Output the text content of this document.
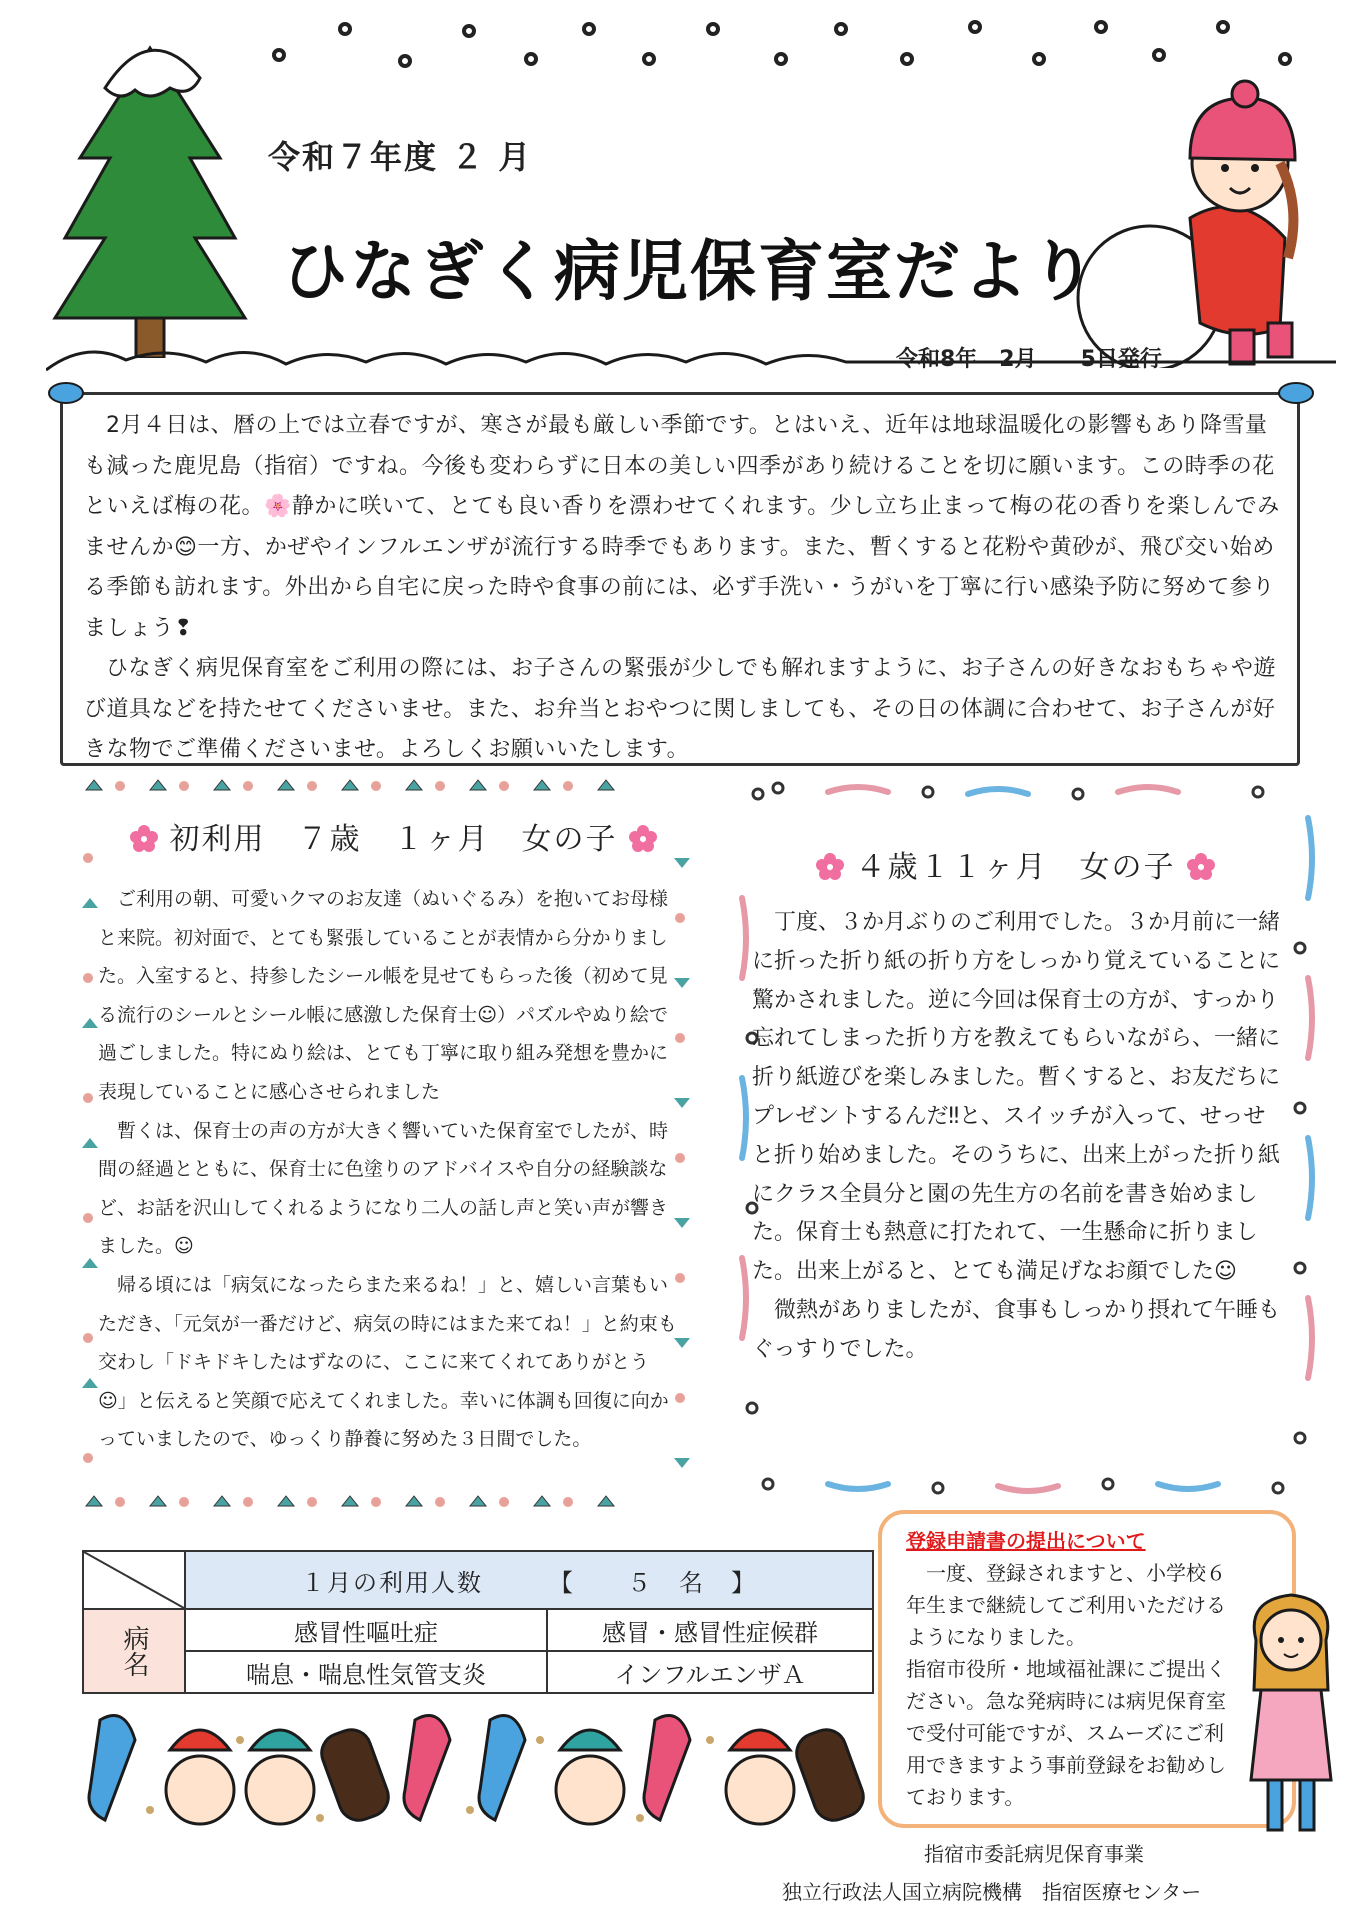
令和７年度 ２ 月
ひなぎく病児保育室だより
令和8年　2月　　5日発行

2月４日は、暦の上では立春ですが、寒さが最も厳しい季節です。とはいえ、近年は地球温暖化の影響もあり降雪量も減った鹿児島（指宿）ですね。今後も変わらずに日本の美しい四季があり続けることを切に願います。この時季の花といえば梅の花。🌸静かに咲いて、とても良い香りを漂わせてくれます。少し立ち止まって梅の花の香りを楽しんでみませんか😊一方、かぜやインフルエンザが流行する時季でもあります。また、暫くすると花粉や黄砂が、飛び交い始める季節も訪れます。外出から自宅に戻った時や食事の前には、必ず手洗い・うがいを丁寧に行い感染予防に努めて参りましょう❢

ひなぎく病児保育室をご利用の際には、お子さんの緊張が少しでも解れますように、お子さんの好きなおもちゃや遊び道具などを持たせてくださいませ。また、お弁当とおやつに関しましても、その日の体調に合わせて、お子さんが好きな物でご準備くださいませ。よろしくお願いいたします。

初利用　７歳　１ヶ月　女の子

ご利用の朝、可愛いクマのお友達（ぬいぐるみ）を抱いてお母様と来院。初対面で、とても緊張していることが表情から分かりました。入室すると、持参したシール帳を見せてもらった後（初めて見る流行のシールとシール帳に感激した保育士☺）パズルやぬり絵で過ごしました。特にぬり絵は、とても丁寧に取り組み発想を豊かに表現していることに感心させられました

暫くは、保育士の声の方が大きく響いていた保育室でしたが、時間の経過とともに、保育士に色塗りのアドバイスや自分の経験談など、お話を沢山してくれるようになり二人の話し声と笑い声が響きました。☺

帰る頃には「病気になったらまた来るね！」と、嬉しい言葉もいただき、「元気が一番だけど、病気の時にはまた来てね！」と約束も交わし「ドキドキしたはずなのに、ここに来てくれてありがとう☺」と伝えると笑顔で応えてくれました。幸いに体調も回復に向かっていましたので、ゆっくり静養に努めた３日間でした。

４歳１１ヶ月　女の子

丁度、３か月ぶりのご利用でした。３か月前に一緒に折った折り紙の折り方をしっかり覚えていることに驚かされました。逆に今回は保育士の方が、すっかり忘れてしまった折り方を教えてもらいながら、一緒に折り紙遊びを楽しみました。暫くすると、お友だちにプレゼントするんだ‼と、スイッチが入って、せっせと折り始めました。そのうちに、出来上がった折り紙にクラス全員分と園の先生方の名前を書き始めました。保育士も熱意に打たれて、一生懸命に折りました。出来上がると、とても満足げなお顔でした☺

微熱がありましたが、食事もしっかり摂れて午睡もぐっすりでした。

	１月の利用人数　　　【　　５　名　】	
病名	感冒性嘔吐症	感冒・感冒性症候群
	喘息・喘息性気管支炎	インフルエンザＡ
登録申請書の提出について

一度、登録されますと、小学校６年生まで継続してご利用いただけるようになりました。

指宿市役所・地域福祉課にご提出ください。急な発病時には病児保育室で受付可能ですが、スムーズにご利用できますよう事前登録をお勧めしております。

指宿市委託病児保育事業
独立行政法人国立病院機構　指宿医療センター
